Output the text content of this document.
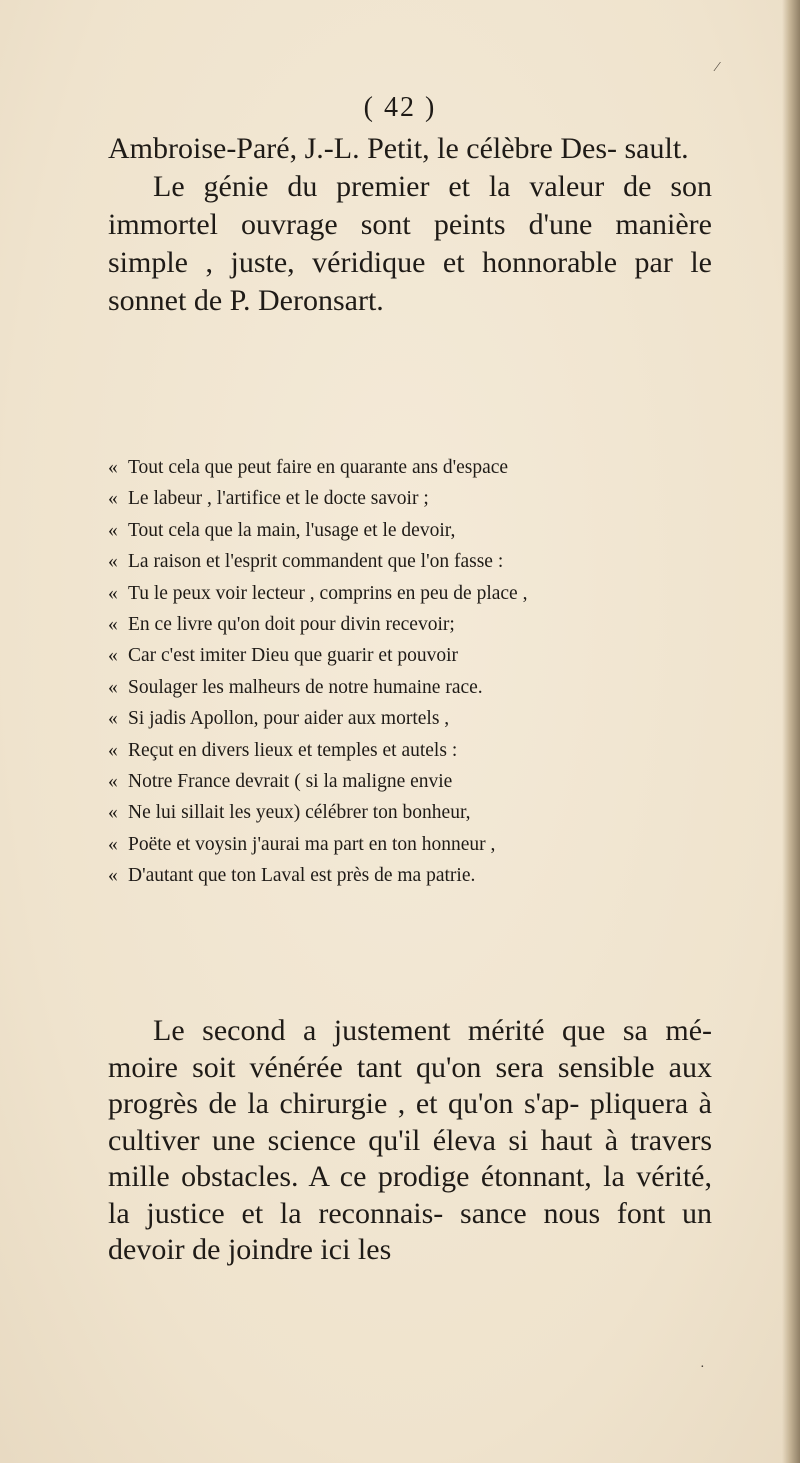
( 42 )

Ambroise-Paré, J.-L. Petit, le célèbre Des- sault.

Le génie du premier et la valeur de son immortel ouvrage sont peints d'une manière simple , juste, véridique et honnorable par le sonnet de P. Deronsart.

« Tout cela que peut faire en quarante ans d'espace
« Le labeur , l'artifice et le docte savoir ;
« Tout cela que la main, l'usage et le devoir,
« La raison et l'esprit commandent que l'on fasse :
« Tu le peux voir lecteur , comprins en peu de place ,
« En ce livre qu'on doit pour divin recevoir;
« Car c'est imiter Dieu que guarir et pouvoir
« Soulager les malheurs de notre humaine race.
« Si jadis Apollon, pour aider aux mortels ,
« Reçut en divers lieux et temples et autels :
« Notre France devrait ( si la maligne envie
« Ne lui sillait les yeux) célébrer ton bonheur,
« Poëte et voysin j'aurai ma part en ton honneur ,
« D'autant que ton Laval est près de ma patrie.

Le second a justement mérité que sa mé- moire soit vénérée tant qu'on sera sensible aux progrès de la chirurgie , et qu'on s'ap- pliquera à cultiver une science qu'il éleva si haut à travers mille obstacles. A ce prodige étonnant, la vérité, la justice et la reconnais- sance nous font un devoir de joindre ici les

⁄
·
